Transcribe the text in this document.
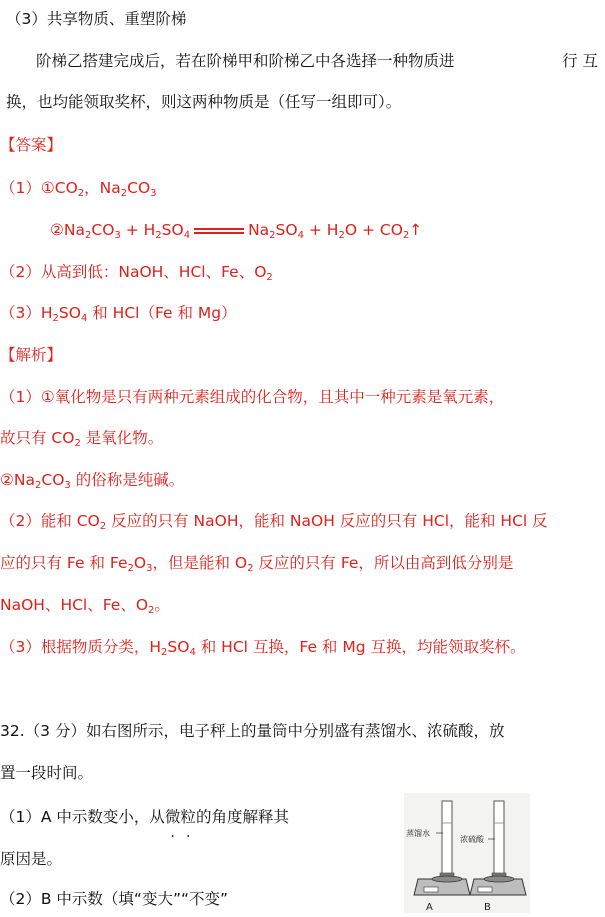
（3）共享物质、重塑阶梯
阶梯乙搭建完成后，若在阶梯甲和阶梯乙中各选择一种物质进	行 互
换，也均能领取奖杯，则这两种物质是（任写一组即可）。
【答案】
$(1)①CO_2$，$Na_2CO_3$
$②Na_2CO_3 + H_2SO_4$	$Na_2SO_4 + H_2O$ + $CO_2↑$
（2）从高到低：NaOH、HCl、Fe、$O_2$
$(3)H_2SO_4$ 和 HCl（Fe 和 Mg）
【解析】
（1）①氧化物是只有两种元素组成的化合物，且其中一种元素是氧元素，
故只有 $CO_2$ 是氧化物。
$②Na_2CO_3$ 的俗称是纯碱。
（2）能和 $CO_2$ 反应的只有 NaOH，能和 NaOH 反应的只有 HCl，能和 HCl 反
应的只有 Fe 和 $Fe_2O_3$，但是能和 $O_2$ 反应的只有 Fe，所以由高到低分别是
NaOH、HCl、Fe、$O_2$。
（3）根据物质分类，$H_2SO_4$ 和 HCl 互换，Fe 和 Mg 互换，均能领取奖杯。
32.（3 分）如右图所示，电子秤上的量筒中分别盛有蒸馏水、浓硫酸，放
置一段时间。
（1）A 中示数变小，从微粒的角度解释其
原因是。
（2）B 中示数（填“变大”“不变”
蒸馏水
浓硫酸
A	B
